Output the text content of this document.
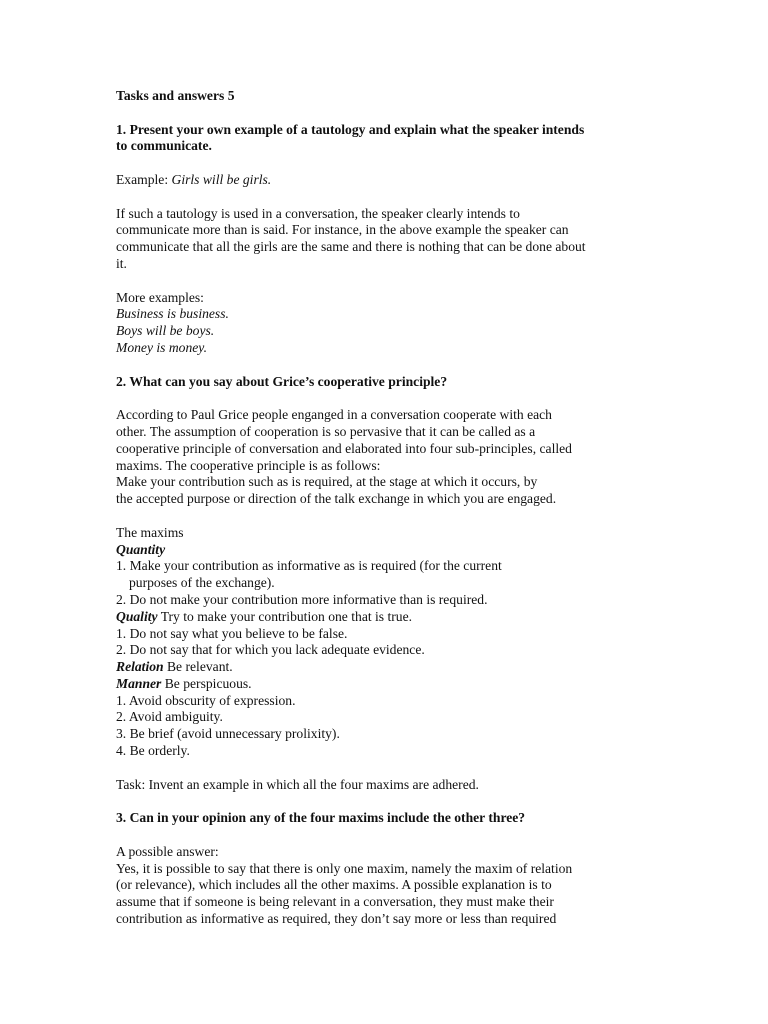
Tasks and answers 5
1. Present your own example of a tautology and explain what the speaker intends
to communicate.
Example: Girls will be girls.
If such a tautology is used in a conversation, the speaker clearly intends to
communicate more than is said. For instance, in the above example the speaker can
communicate that all the girls are the same and there is nothing that can be done about
it.
More examples:
Business is business.
Boys will be boys.
Money is money.
2. What can you say about Grice’s cooperative principle?
According to Paul Grice people enganged in a conversation cooperate with each
other. The assumption of cooperation is so pervasive that it can be called as a
cooperative principle of conversation and elaborated into four sub-principles, called
maxims. The cooperative principle is as follows:
Make your contribution such as is required, at the stage at which it occurs, by
the accepted purpose or direction of the talk exchange in which you are engaged.
The maxims
Quantity
1. Make your contribution as informative as is required (for the current
purposes of the exchange).
2. Do not make your contribution more informative than is required.
Quality Try to make your contribution one that is true.
1. Do not say what you believe to be false.
2. Do not say that for which you lack adequate evidence.
Relation Be relevant.
Manner Be perspicuous.
1. Avoid obscurity of expression.
2. Avoid ambiguity.
3. Be brief (avoid unnecessary prolixity).
4. Be orderly.
Task: Invent an example in which all the four maxims are adhered.
3. Can in your opinion any of the four maxims include the other three?
A possible answer:
Yes, it is possible to say that there is only one maxim, namely the maxim of relation
(or relevance), which includes all the other maxims. A possible explanation is to
assume that if someone is being relevant in a conversation, they must make their
contribution as informative as required, they don’t say more or less than required
